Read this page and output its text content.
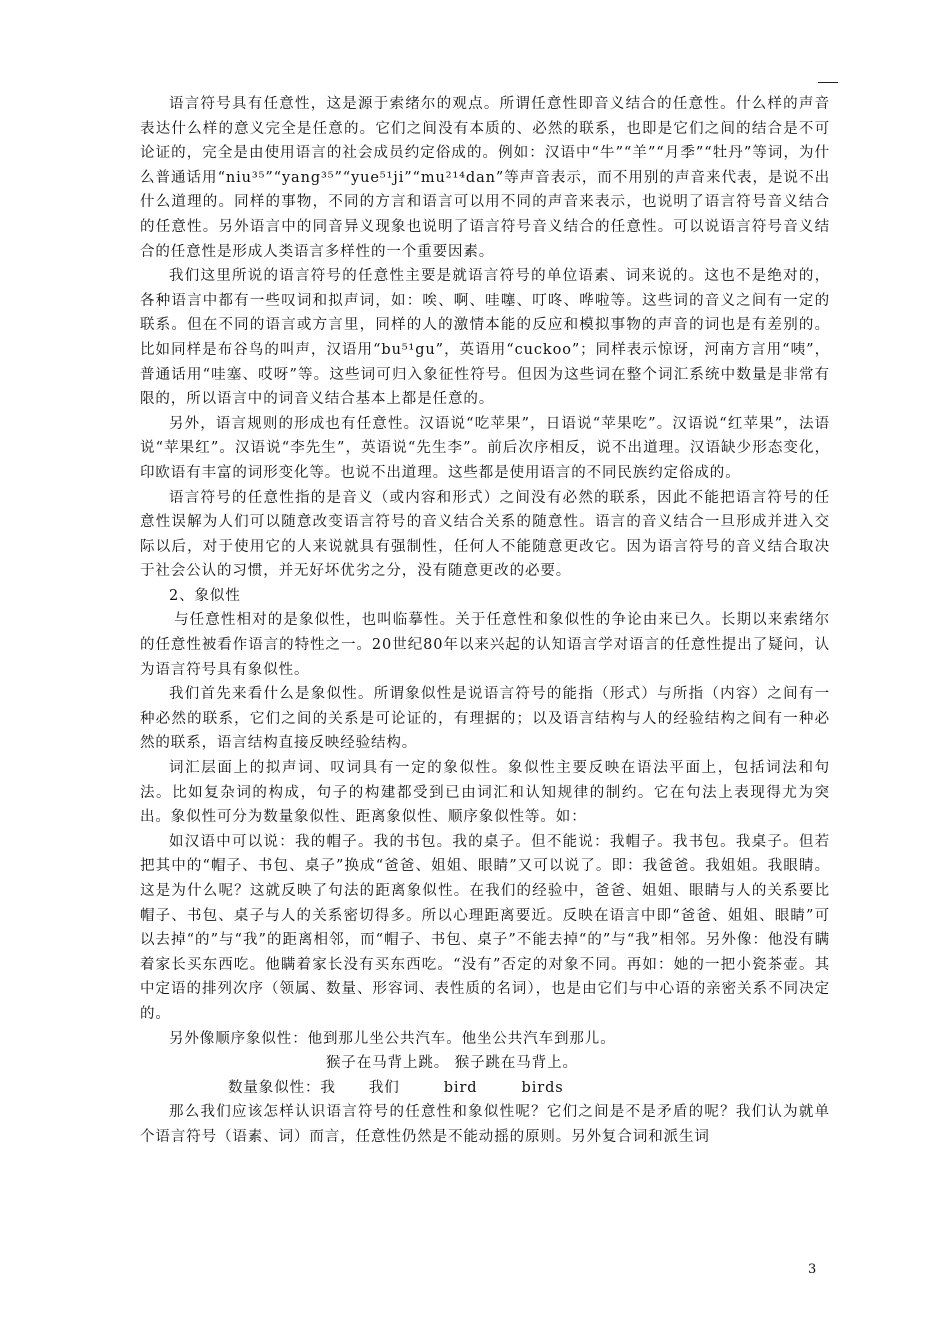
语言符号具有任意性，这是源于索绪尔的观点。所谓任意性即音义结合的任意性。什么样的声音表达什么样的意义完全是任意的。它们之间没有本质的、必然的联系，也即是它们之间的结合是不可论证的，完全是由使用语言的社会成员约定俗成的。例如：汉语中“牛”“羊”“月季”“牡丹”等词，为什么普通话用“niu³⁵”“yang³⁵”“yue⁵¹ji”“mu²¹⁴dan”等声音表示，而不用别的声音来代表，是说不出什么道理的。同样的事物，不同的方言和语言可以用不同的声音来表示，也说明了语言符号音义结合的任意性。另外语言中的同音异义现象也说明了语言符号音义结合的任意性。可以说语言符号音义结合的任意性是形成人类语言多样性的一个重要因素。

我们这里所说的语言符号的任意性主要是就语言符号的单位语素、词来说的。这也不是绝对的，各种语言中都有一些叹词和拟声词，如：唉、啊、哇噻、叮咚、哗啦等。这些词的音义之间有一定的联系。但在不同的语言或方言里，同样的人的激情本能的反应和模拟事物的声音的词也是有差别的。比如同样是布谷鸟的叫声，汉语用“bu⁵¹gu”，英语用“cuckoo”；同样表示惊讶，河南方言用“咦”，普通话用“哇塞、哎呀”等。这些词可归入象征性符号。但因为这些词在整个词汇系统中数量是非常有限的，所以语言中的词音义结合基本上都是任意的。

另外，语言规则的形成也有任意性。汉语说“吃苹果”，日语说“苹果吃”。汉语说“红苹果”，法语说“苹果红”。汉语说“李先生”，英语说“先生李”。前后次序相反，说不出道理。汉语缺少形态变化，印欧语有丰富的词形变化等。也说不出道理。这些都是使用语言的不同民族约定俗成的。

语言符号的任意性指的是音义（或内容和形式）之间没有必然的联系，因此不能把语言符号的任意性误解为人们可以随意改变语言符号的音义结合关系的随意性。语言的音义结合一旦形成并进入交际以后，对于使用它的人来说就具有强制性，任何人不能随意更改它。因为语言符号的音义结合取决于社会公认的习惯，并无好坏优劣之分，没有随意更改的必要。

2、象似性

与任意性相对的是象似性，也叫临摹性。关于任意性和象似性的争论由来已久。长期以来索绪尔的任意性被看作语言的特性之一。20世纪80年以来兴起的认知语言学对语言的任意性提出了疑问，认为语言符号具有象似性。

我们首先来看什么是象似性。所谓象似性是说语言符号的能指（形式）与所指（内容）之间有一种必然的联系，它们之间的关系是可论证的，有理据的；以及语言结构与人的经验结构之间有一种必然的联系，语言结构直接反映经验结构。

词汇层面上的拟声词、叹词具有一定的象似性。象似性主要反映在语法平面上，包括词法和句法。比如复杂词的构成，句子的构建都受到已由词汇和认知规律的制约。它在句法上表现得尤为突出。象似性可分为数量象似性、距离象似性、顺序象似性等。如：

如汉语中可以说：我的帽子。我的书包。我的桌子。但不能说：我帽子。我书包。我桌子。但若把其中的“帽子、书包、桌子”换成“爸爸、姐姐、眼睛”又可以说了。即：我爸爸。我姐姐。我眼睛。这是为什么呢？这就反映了句法的距离象似性。在我们的经验中，爸爸、姐姐、眼睛与人的关系要比帽子、书包、桌子与人的关系密切得多。所以心理距离要近。反映在语言中即“爸爸、姐姐、眼睛”可以去掉“的”与“我”的距离相邻，而“帽子、书包、桌子”不能去掉“的”与“我”相邻。另外像：他没有瞒着家长买东西吃。他瞒着家长没有买东西吃。“没有”否定的对象不同。再如：她的一把小瓷茶壶。其中定语的排列次序（领属、数量、形容词、表性质的名词），也是由它们与中心语的亲密关系不同决定的。

另外像顺序象似性：他到那儿坐公共汽车。他坐公共汽车到那儿。

猴子在马背上跳。 猴子跳在马背上。

数量象似性：我      我们        bird        birds

那么我们应该怎样认识语言符号的任意性和象似性呢？它们之间是不是矛盾的呢？我们认为就单个语言符号（语素、词）而言，任意性仍然是不能动摇的原则。另外复合词和派生词

3
